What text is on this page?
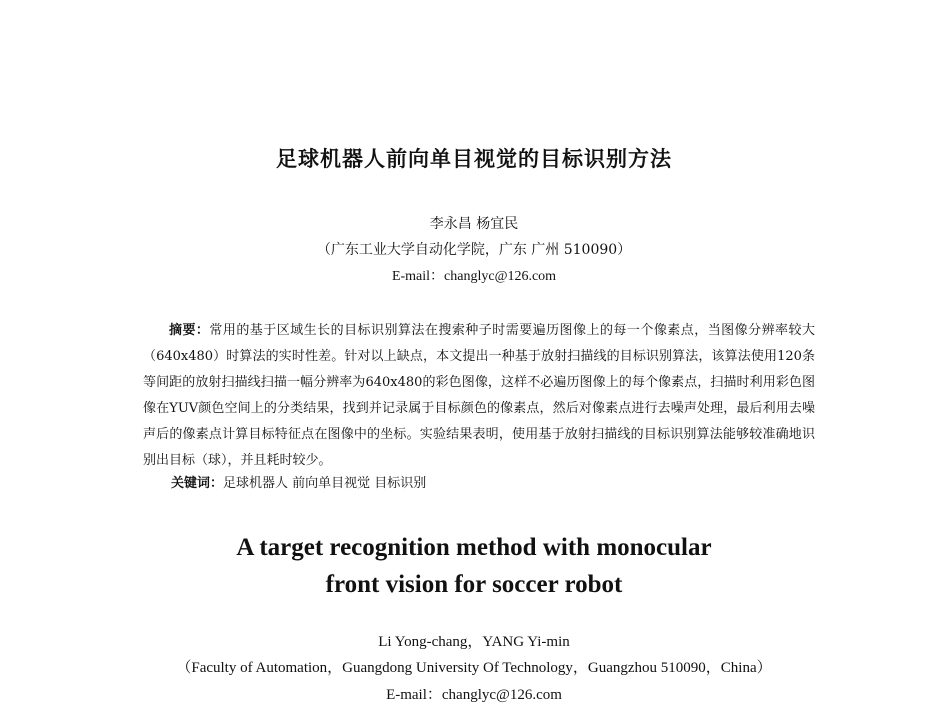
足球机器人前向单目视觉的目标识别方法
李永昌 杨宜民
（广东工业大学自动化学院，广东 广州 510090）
E-mail：changlyc@126.com
摘要：常用的基于区域生长的目标识别算法在搜索种子时需要遍历图像上的每一个像素点，当图像分辨率较大（640x480）时算法的实时性差。针对以上缺点，本文提出一种基于放射扫描线的目标识别算法，该算法使用120条等间距的放射扫描线扫描一幅分辨率为640x480的彩色图像，这样不必遍历图像上的每个像素点，扫描时利用彩色图像在YUV颜色空间上的分类结果，找到并记录属于目标颜色的像素点，然后对像素点进行去噪声处理，最后利用去噪声后的像素点计算目标特征点在图像中的坐标。实验结果表明，使用基于放射扫描线的目标识别算法能够较准确地识别出目标（球），并且耗时较少。
关键词：足球机器人 前向单目视觉 目标识别
A target recognition method with monocular
front vision for soccer robot
Li Yong-chang，YANG Yi-min
（Faculty of Automation，Guangdong University Of Technology，Guangzhou 510090，China）
E-mail：changlyc@126.com
